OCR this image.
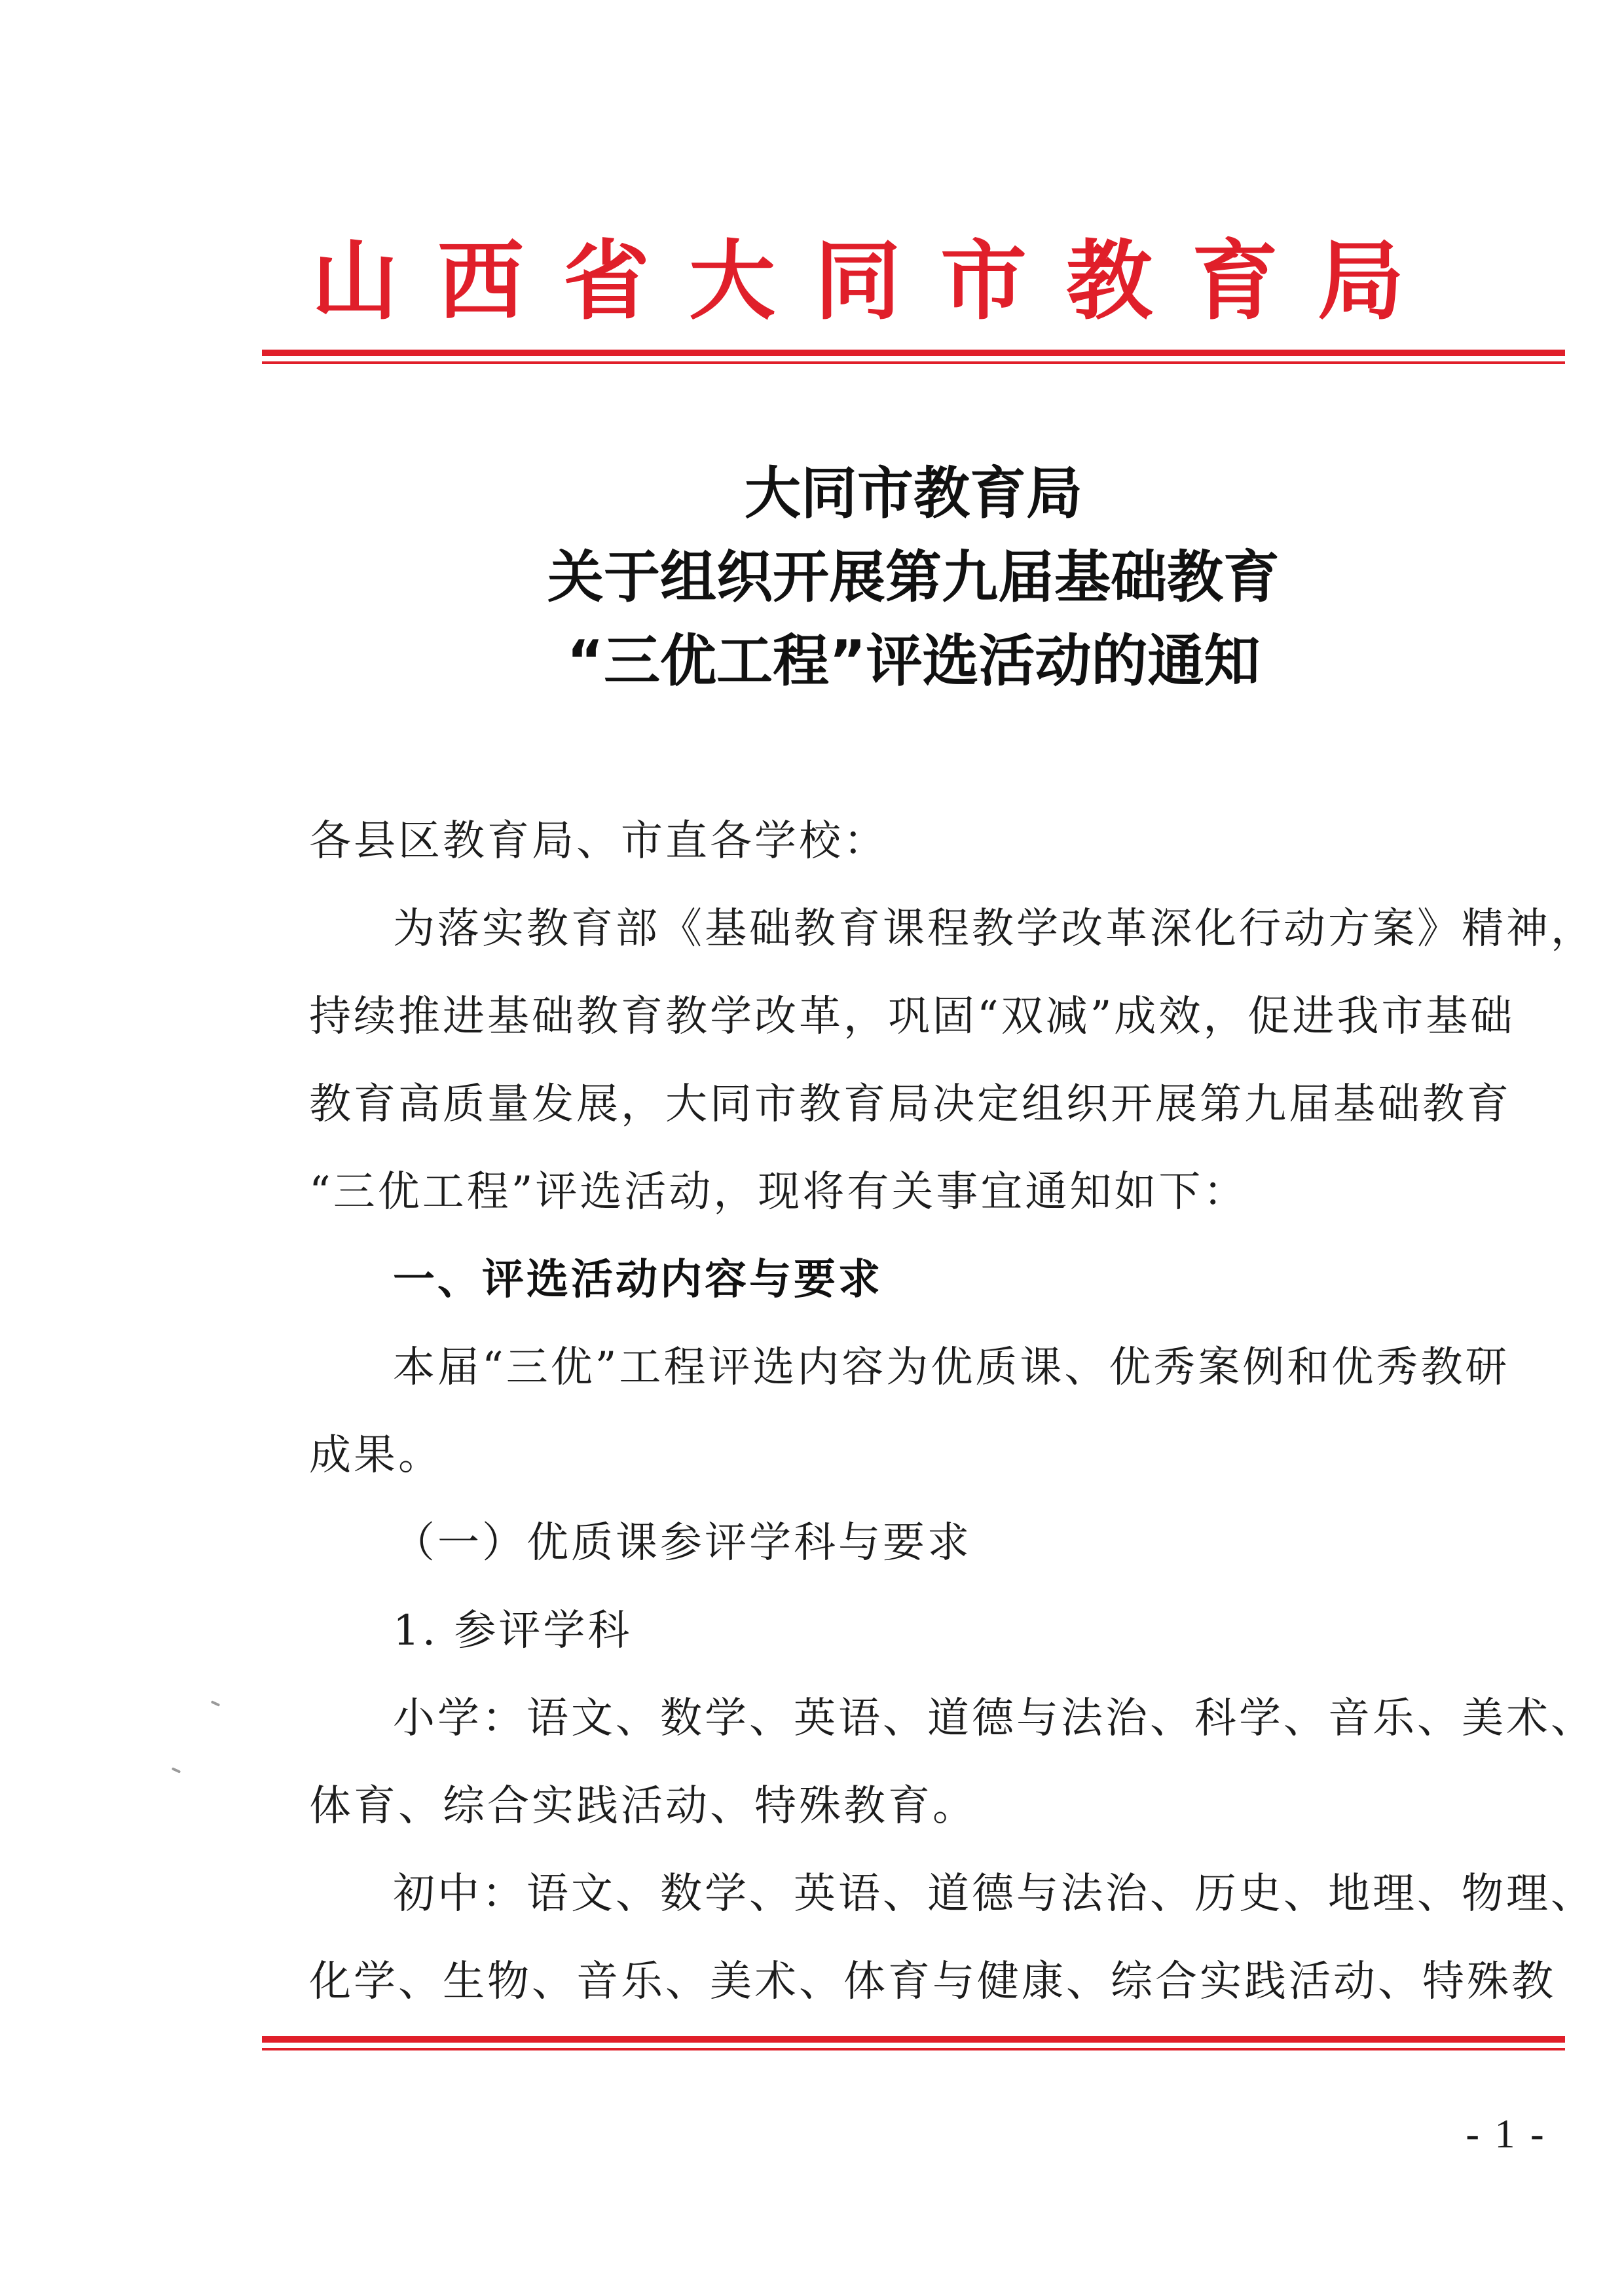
山西省大同市教育局
大同市教育局
关于组织开展第九届基础教育
“三优工程”评选活动的通知
各县区教育局、市直各学校：
为落实教育部《基础教育课程教学改革深化行动方案》精神，
持续推进基础教育教学改革，巩固“双减”成效，促进我市基础
教育高质量发展，大同市教育局决定组织开展第九届基础教育
“三优工程”评选活动，现将有关事宜通知如下：
一、评选活动内容与要求
本届“三优”工程评选内容为优质课、优秀案例和优秀教研
成果。
（一）优质课参评学科与要求
1. 参评学科
小学：语文、数学、英语、道德与法治、科学、音乐、美术、
体育、综合实践活动、特殊教育。
初中：语文、数学、英语、道德与法治、历史、地理、物理、
化学、生物、音乐、美术、体育与健康、综合实践活动、特殊教
- 1 -
